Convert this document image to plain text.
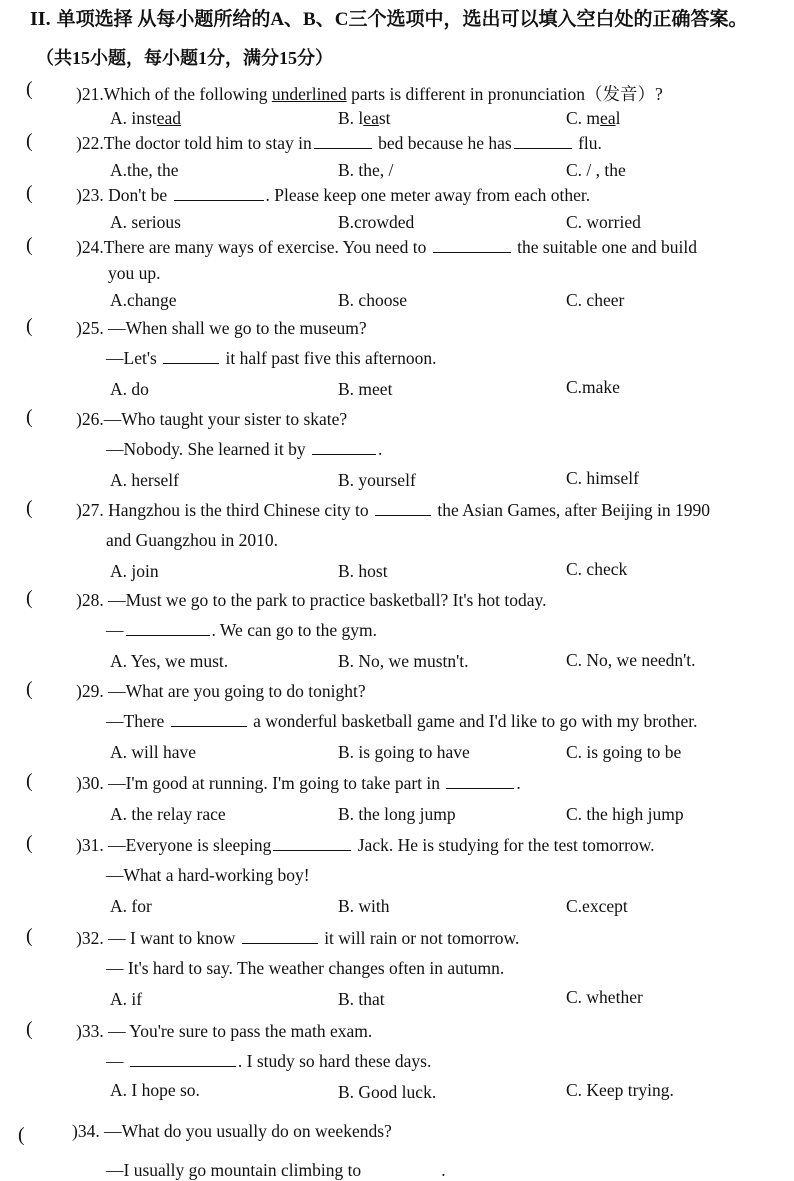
II. 单项选择 从每小题所给的A、B、C三个选项中，选出可以填入空白处的正确答案。
（共15小题，每小题1分，满分15分）
( )21.Which of the following underlined parts is different in pronunciation（发音）?
A. instead	B. least	C. meal
( )22.The doctor told him to stay in	bed because he has	flu.
A.the, the	B. the, /	C. / , the
( )23. Don't be	. Please keep one meter away from each other.
A. serious	B.crowded	C. worried
( )24.There are many ways of exercise. You need to	the suitable one and build
you up.
A.change	B. choose	C. cheer
( )25. —When shall we go to the museum?
—Let's	it half past five this afternoon.
A. do	B. meet	C.make
( )26.—Who taught your sister to skate?
—Nobody. She learned it by	.
A. herself	B. yourself	C. himself
( )27. Hangzhou is the third Chinese city to	the Asian Games, after Beijing in 1990
and Guangzhou in 2010.
A. join	B. host	C. check
( )28. —Must we go to the park to practice basketball? It's hot today.
—	. We can go to the gym.
A. Yes, we must.	B. No, we mustn't.	C. No, we needn't.
( )29. —What are you going to do tonight?
—There	a wonderful basketball game and I'd like to go with my brother.
A. will have	B. is going to have	C. is going to be
( )30. —I'm good at running. I'm going to take part in	.
A. the relay race	B. the long jump	C. the high jump
( )31. —Everyone is sleeping	Jack. He is studying for the test tomorrow.
—What a hard-working boy!
A. for	B. with	C.except
( )32. — I want to know	it will rain or not tomorrow.
— It's hard to say. The weather changes often in autumn.
A. if	B. that	C. whether
( )33. — You're sure to pass the math exam.
—	. I study so hard these days.
A. I hope so.	B. Good luck.	C. Keep trying.
(	)34. —What do you usually do on weekends?
—I usually go mountain climbing to	.
